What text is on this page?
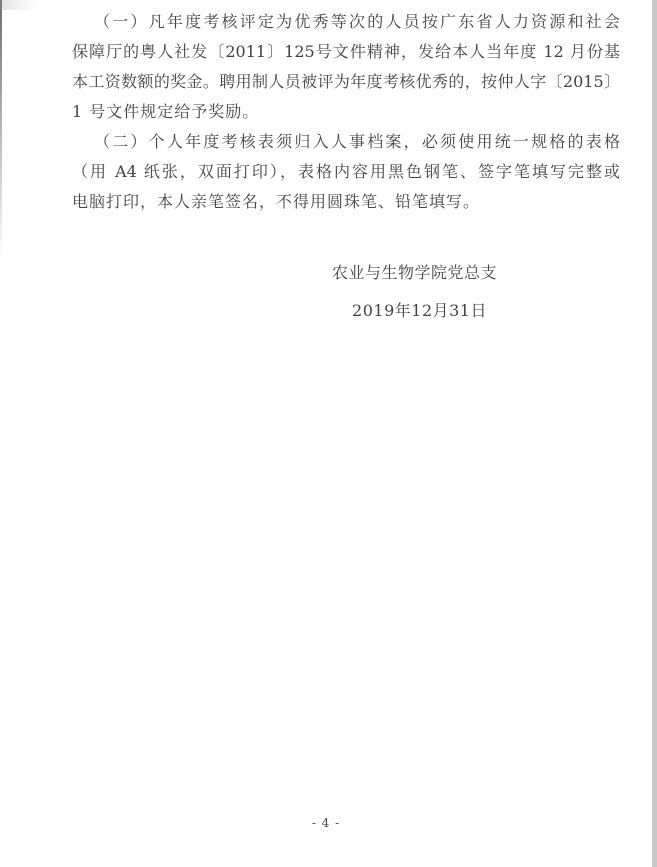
（一）凡年度考核评定为优秀等次的人员按广东省人力资源和社会
保障厅的粤人社发〔2011〕125号文件精神，发给本人当年度 12 月份基
本工资数额的奖金。聘用制人员被评为年度考核优秀的，按仲人字〔2015〕
1 号文件规定给予奖励。
（二）个人年度考核表须归入人事档案，必须使用统一规格的表格
（用 A4 纸张，双面打印），表格内容用黑色钢笔、签字笔填写完整或
电脑打印，本人亲笔签名，不得用圆珠笔、铅笔填写。
农业与生物学院党总支
2019年12月31日
- 4 -
